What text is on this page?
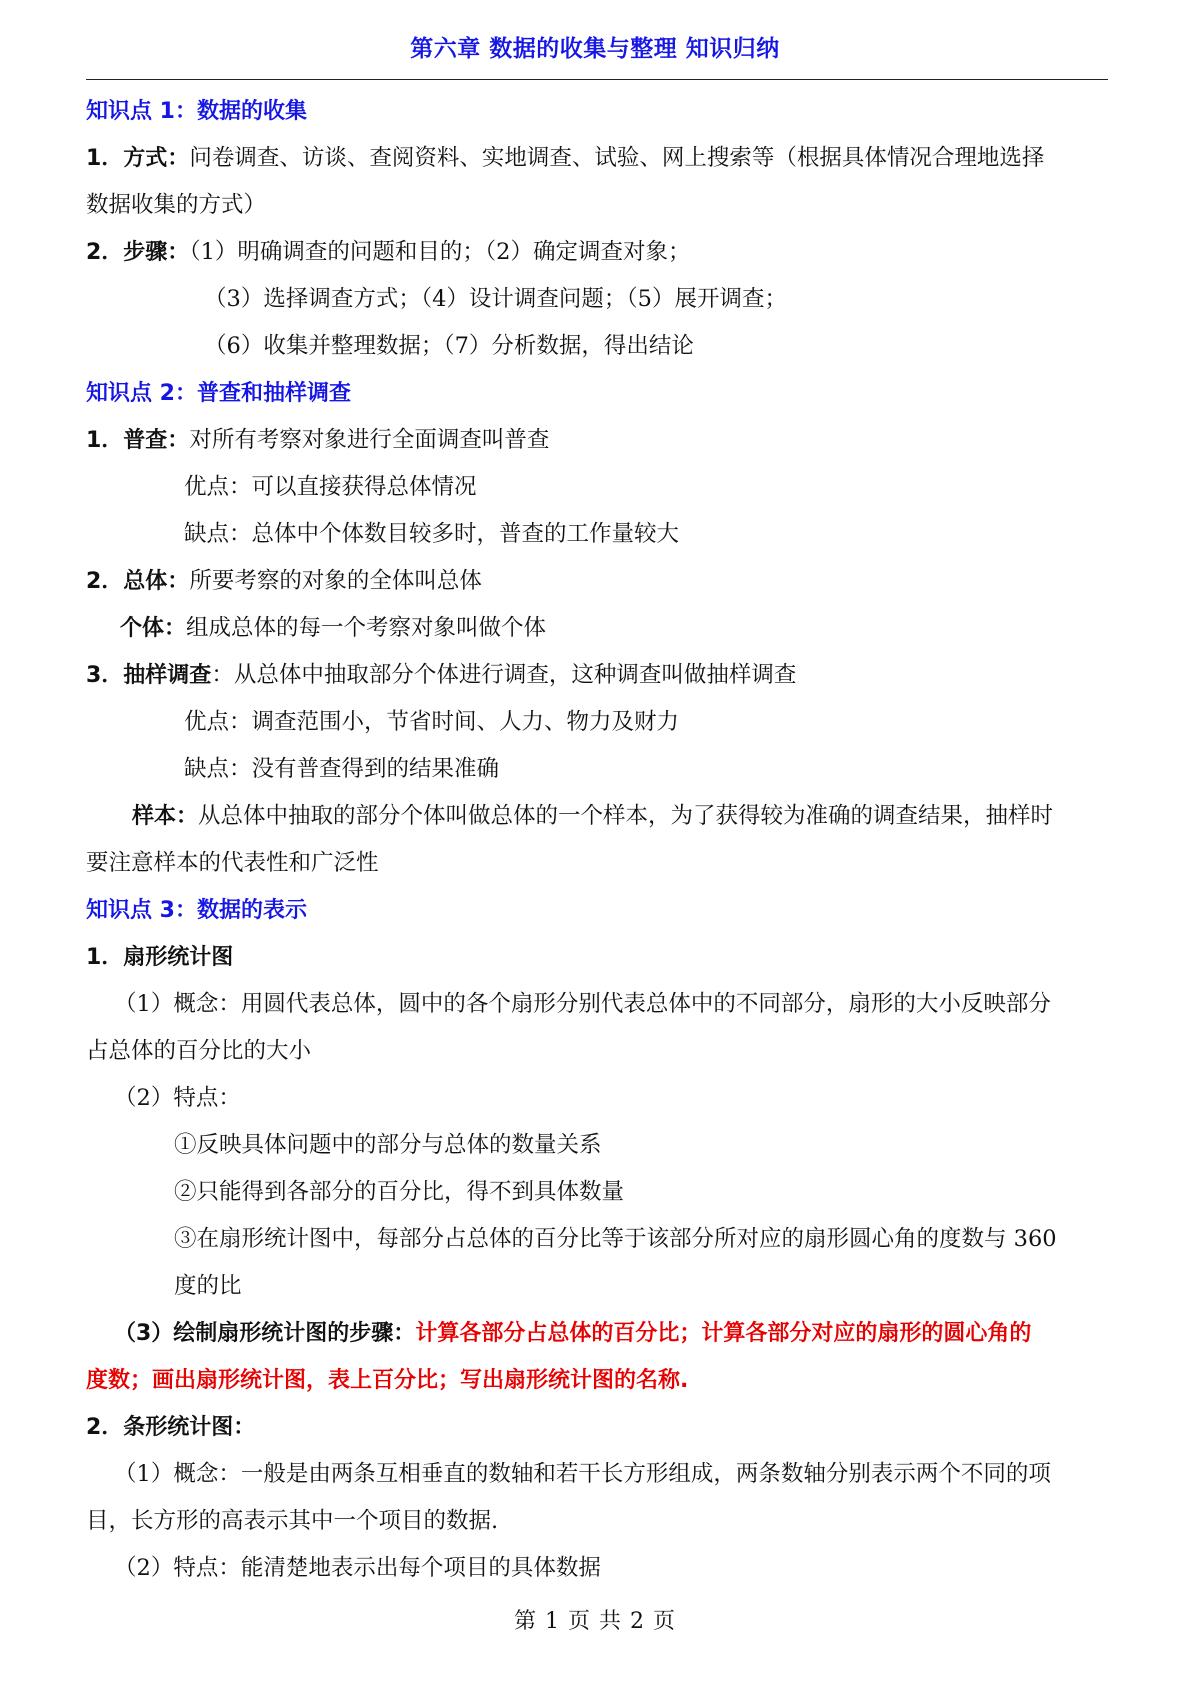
第六章 数据的收集与整理 知识归纳
知识点 1：数据的收集
1．方式：问卷调查、访谈、查阅资料、实地调查、试验、网上搜索等（根据具体情况合理地选择
数据收集的方式）
2．步骤：（1）明确调查的问题和目的；（2）确定调查对象；
（3）选择调查方式；（4）设计调查问题；（5）展开调查；
（6）收集并整理数据；（7）分析数据，得出结论
知识点 2：普查和抽样调查
1．普查：对所有考察对象进行全面调查叫普查
优点：可以直接获得总体情况
缺点：总体中个体数目较多时，普查的工作量较大
2．总体：所要考察的对象的全体叫总体
个体：组成总体的每一个考察对象叫做个体
3．抽样调查：从总体中抽取部分个体进行调查，这种调查叫做抽样调查
优点：调查范围小，节省时间、人力、物力及财力
缺点：没有普查得到的结果准确
样本：从总体中抽取的部分个体叫做总体的一个样本，为了获得较为准确的调查结果，抽样时
要注意样本的代表性和广泛性
知识点 3：数据的表示
1．扇形统计图
（1）概念：用圆代表总体，圆中的各个扇形分别代表总体中的不同部分，扇形的大小反映部分
占总体的百分比的大小
（2）特点：
①反映具体问题中的部分与总体的数量关系
②只能得到各部分的百分比，得不到具体数量
③在扇形统计图中，每部分占总体的百分比等于该部分所对应的扇形圆心角的度数与 360
度的比
（3）绘制扇形统计图的步骤：计算各部分占总体的百分比；计算各部分对应的扇形的圆心角的
度数；画出扇形统计图，表上百分比；写出扇形统计图的名称.
2．条形统计图：
（1）概念：一般是由两条互相垂直的数轴和若干长方形组成，两条数轴分别表示两个不同的项
目，长方形的高表示其中一个项目的数据.
（2）特点：能清楚地表示出每个项目的具体数据
第 1 页 共 2 页
